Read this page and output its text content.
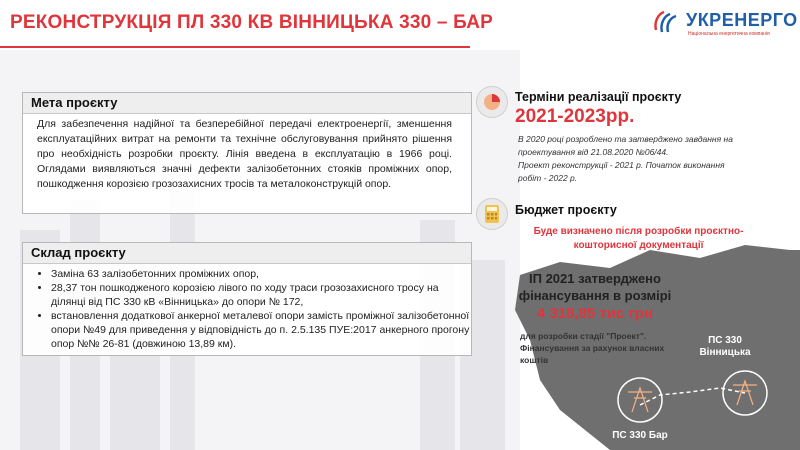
РЕКОНСТРУКЦІЯ ПЛ 330 КВ ВІННИЦЬКА 330 – БАР	УКРЕНЕРГО
Національна енергетична компанія
Мета проєкту

Для забезпечення надійної та безперебійної передачі електроенергії, зменшення експлуатаційних витрат на ремонти та технічне обслуговування прийнято рішення про необхідність розробки проєкту. Лінія введена в експлуатацію в 1966 році. Оглядами виявляються значні дефекти залізобетонних стояків проміжних опор, пошкодження корозією грозозахисних тросів та металоконструкцій опор.

Склад проєкту
• Заміна 63 залізобетонних проміжних опор,
• 28,37 тон пошкодженого корозією лівого по ходу траси грозозахисного тросу на ділянці від ПС 330 кВ «Вінницька» до опори № 172,
• встановлення додаткової анкерної металевої опори замість проміжної залізобетонної опори №49 для приведення у відповідність до п. 2.5.135 ПУЕ:2017 анкерного прогону опор №№ 26-81 (довжиною 13,89 км).
Терміни реалізації проєкту
2021-2023рр.
В 2020 році розроблено та затверджено завдання на проектування від 21.08.2020 №06/44.
Проект реконструкції - 2021 р. Початок виконання робіт - 2022 р.
Бюджет проєкту
Буде визначено після розробки проєктно-кошторисної документації
ІП 2021 затверджено фінансування в розмірі
4 318,85 тис грн
для розробки стадії "Проект". Фінансування за рахунок власних коштів
ПС 330 Вінницька
ПС 330 Бар
